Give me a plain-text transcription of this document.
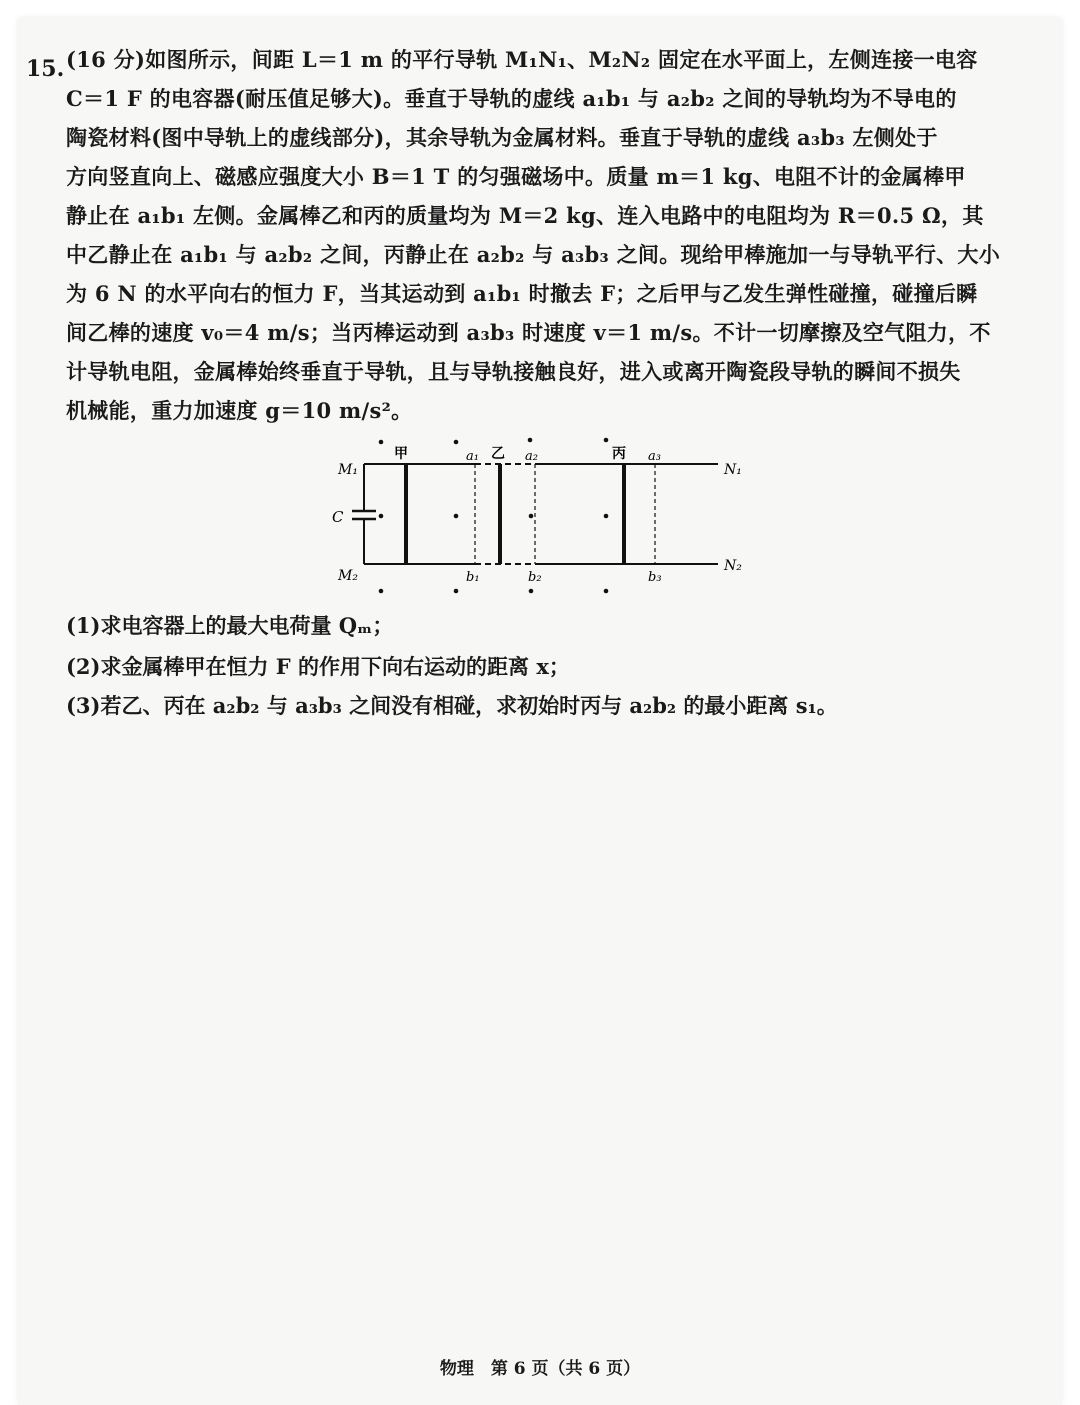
15. (16 分)如图所示，间距 L＝1 m 的平行导轨 M₁N₁、M₂N₂ 固定在水平面上，左侧连接一电容
C＝1 F 的电容器(耐压值足够大)。垂直于导轨的虚线 a₁b₁ 与 a₂b₂ 之间的导轨均为不导电的
陶瓷材料(图中导轨上的虚线部分)，其余导轨为金属材料。垂直于导轨的虚线 a₃b₃ 左侧处于
方向竖直向上、磁感应强度大小 B＝1 T 的匀强磁场中。质量 m＝1 kg、电阻不计的金属棒甲
静止在 a₁b₁ 左侧。金属棒乙和丙的质量均为 M＝2 kg、连入电路中的电阻均为 R＝0.5 Ω，其
中乙静止在 a₁b₁ 与 a₂b₂ 之间，丙静止在 a₂b₂ 与 a₃b₃ 之间。现给甲棒施加一与导轨平行、大小
为 6 N 的水平向右的恒力 F，当其运动到 a₁b₁ 时撤去 F；之后甲与乙发生弹性碰撞，碰撞后瞬
间乙棒的速度 v₀＝4 m/s；当丙棒运动到 a₃b₃ 时速度 v＝1 m/s。不计一切摩擦及空气阻力，不
计导轨电阻，金属棒始终垂直于导轨，且与导轨接触良好，进入或离开陶瓷段导轨的瞬间不损失
机械能，重力加速度 g＝10 m/s²。
M₁
M₂
N₁
N₂
C
甲	乙	丙
a₁	a₂	a₃
b₁	b₂	b₃
(1)求电容器上的最大电荷量 Qₘ；
(2)求金属棒甲在恒力 F 的作用下向右运动的距离 x；
(3)若乙、丙在 a₂b₂ 与 a₃b₃ 之间没有相碰，求初始时丙与 a₂b₂ 的最小距离 s₁。
物理　第 6 页（共 6 页）
